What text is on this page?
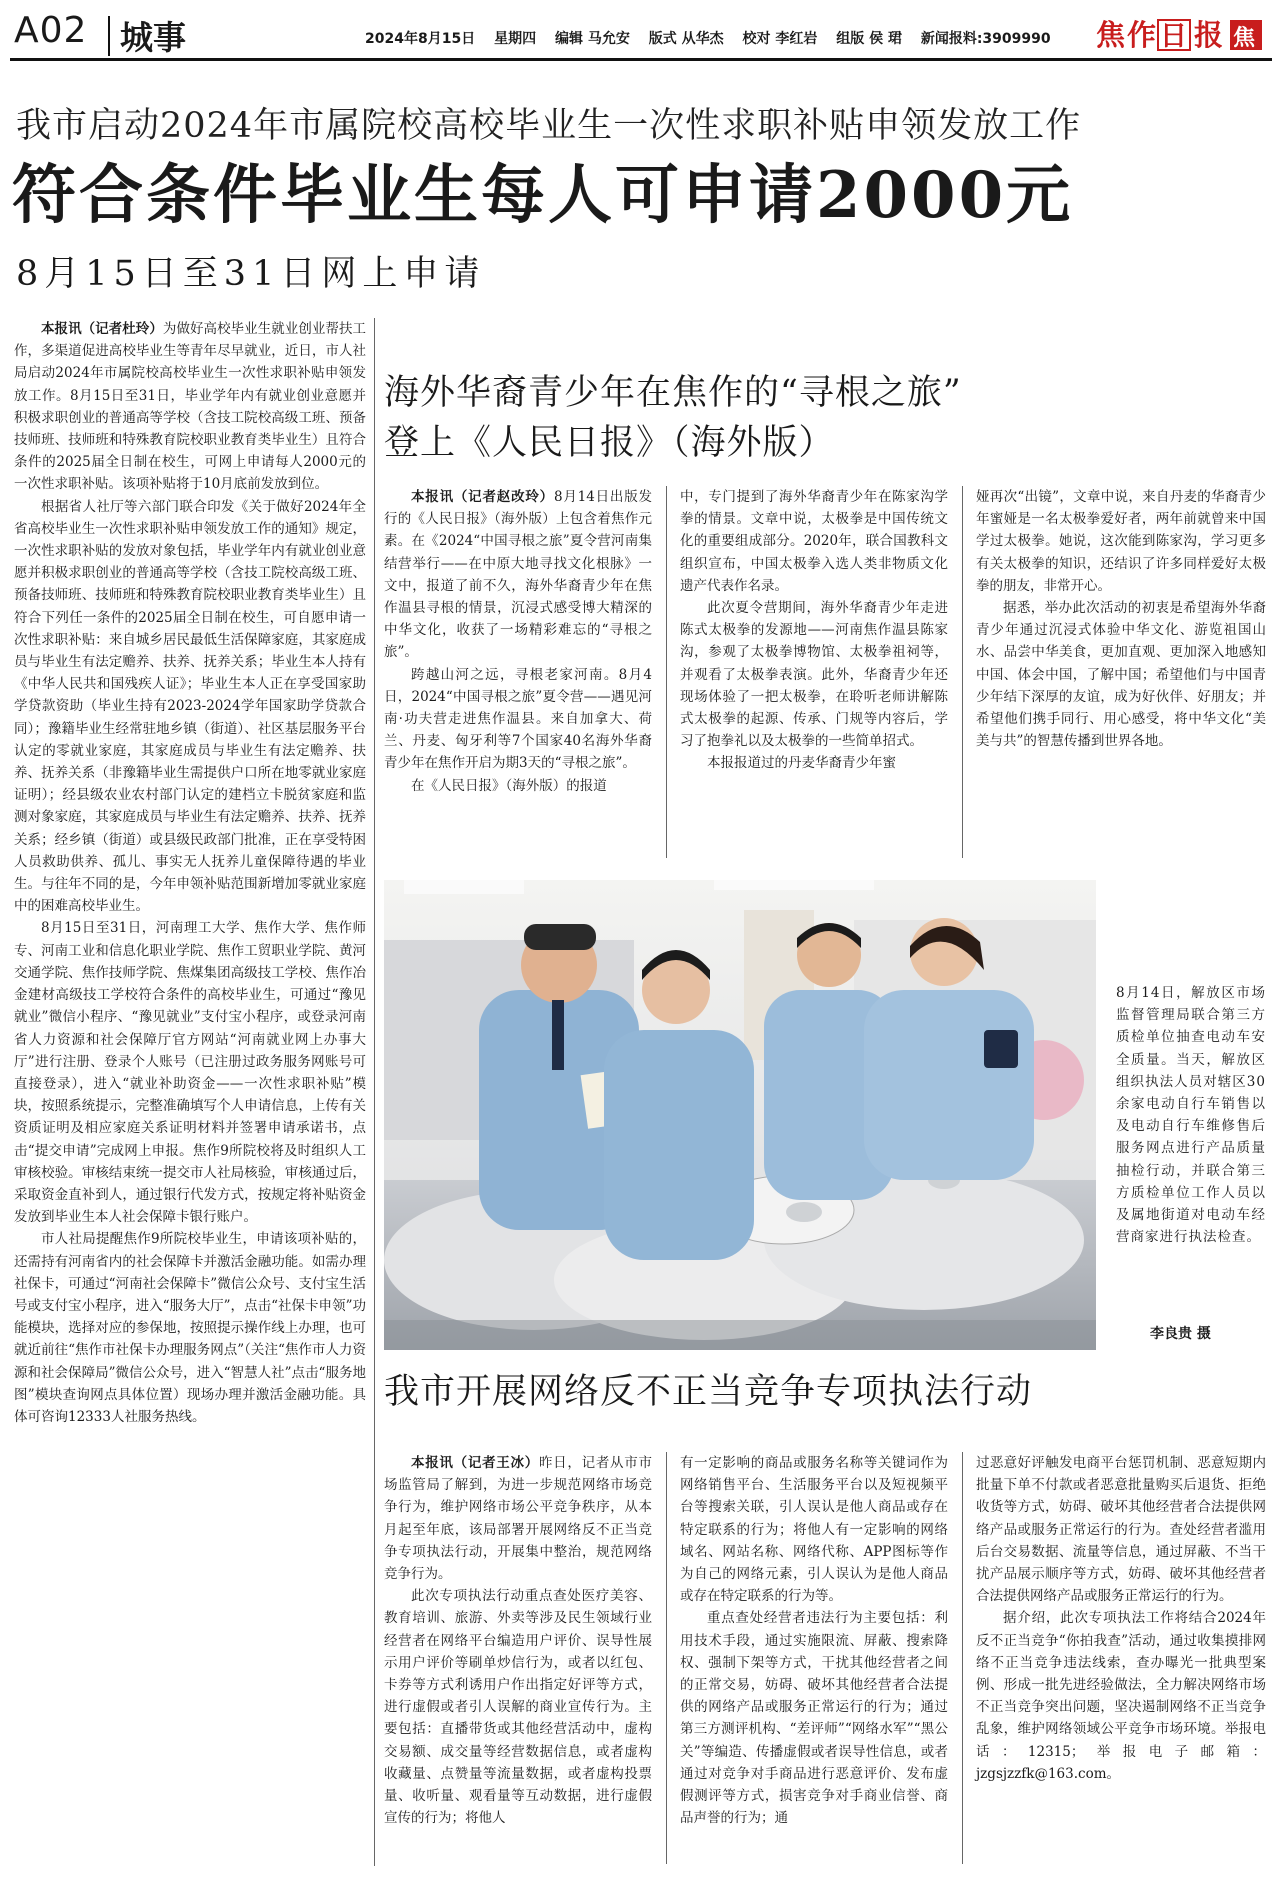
A02 城事	2024年8月15日 星期四 编辑 马允安 版式 从华杰 校对 李红岩 组版 侯 珺 新闻报料:3909990	焦作 日 报 焦
我市启动2024年市属院校高校毕业生一次性求职补贴申领发放工作
符合条件毕业生每人可申请2000元
8月15日至31日网上申请

本报讯（记者杜玲）为做好高校毕业生就业创业帮扶工作，多渠道促进高校毕业生等青年尽早就业，近日，市人社局启动2024年市属院校高校毕业生一次性求职补贴申领发放工作。8月15日至31日，毕业学年内有就业创业意愿并积极求职创业的普通高等学校（含技工院校高级工班、预备技师班、技师班和特殊教育院校职业教育类毕业生）且符合条件的2025届全日制在校生，可网上申请每人2000元的一次性求职补贴。该项补贴将于10月底前发放到位。

根据省人社厅等六部门联合印发《关于做好2024年全省高校毕业生一次性求职补贴申领发放工作的通知》规定，一次性求职补贴的发放对象包括，毕业学年内有就业创业意愿并积极求职创业的普通高等学校（含技工院校高级工班、预备技师班、技师班和特殊教育院校职业教育类毕业生）且符合下列任一条件的2025届全日制在校生，可自愿申请一次性求职补贴：来自城乡居民最低生活保障家庭，其家庭成员与毕业生有法定赡养、扶养、抚养关系；毕业生本人持有《中华人民共和国残疾人证》；毕业生本人正在享受国家助学贷款资助（毕业生持有2023-2024学年国家助学贷款合同）；豫籍毕业生经常驻地乡镇（街道）、社区基层服务平台认定的零就业家庭，其家庭成员与毕业生有法定赡养、扶养、抚养关系（非豫籍毕业生需提供户口所在地零就业家庭证明）；经县级农业农村部门认定的建档立卡脱贫家庭和监测对象家庭，其家庭成员与毕业生有法定赡养、扶养、抚养关系；经乡镇（街道）或县级民政部门批准，正在享受特困人员救助供养、孤儿、事实无人抚养儿童保障待遇的毕业生。与往年不同的是，今年申领补贴范围新增加零就业家庭中的困难高校毕业生。

8月15日至31日，河南理工大学、焦作大学、焦作师专、河南工业和信息化职业学院、焦作工贸职业学院、黄河交通学院、焦作技师学院、焦煤集团高级技工学校、焦作冶金建材高级技工学校符合条件的高校毕业生，可通过“豫见就业”微信小程序、“豫见就业”支付宝小程序，或登录河南省人力资源和社会保障厅官方网站“河南就业网上办事大厅”进行注册、登录个人账号（已注册过政务服务网账号可直接登录），进入“就业补助资金——一次性求职补贴”模块，按照系统提示，完整准确填写个人申请信息，上传有关资质证明及相应家庭关系证明材料并签署申请承诺书，点击“提交申请”完成网上申报。焦作9所院校将及时组织人工审核校验。审核结束统一提交市人社局核验，审核通过后，采取资金直补到人，通过银行代发方式，按规定将补贴资金发放到毕业生本人社会保障卡银行账户。

市人社局提醒焦作9所院校毕业生，申请该项补贴的，还需持有河南省内的社会保障卡并激活金融功能。如需办理社保卡，可通过“河南社会保障卡”微信公众号、支付宝生活号或支付宝小程序，进入“服务大厅”，点击“社保卡申领”功能模块，选择对应的参保地，按照提示操作线上办理，也可就近前往“焦作市社保卡办理服务网点”（关注“焦作市人力资源和社会保障局”微信公众号，进入“智慧人社”点击“服务地图”模块查询网点具体位置）现场办理并激活金融功能。具体可咨询12333人社服务热线。

海外华裔青少年在焦作的“寻根之旅”
登上《人民日报》（海外版）

本报讯（记者赵改玲）8月14日出版发行的《人民日报》（海外版）上包含着焦作元素。在《2024“中国寻根之旅”夏令营河南集结营举行——在中原大地寻找文化根脉》一文中，报道了前不久，海外华裔青少年在焦作温县寻根的情景，沉浸式感受博大精深的中华文化，收获了一场精彩难忘的“寻根之旅”。

跨越山河之远，寻根老家河南。8月4日，2024“中国寻根之旅”夏令营——遇见河南·功夫营走进焦作温县。来自加拿大、荷兰、丹麦、匈牙利等7个国家40名海外华裔青少年在焦作开启为期3天的“寻根之旅”。

在《人民日报》（海外版）的报道

中，专门提到了海外华裔青少年在陈家沟学拳的情景。文章中说，太极拳是中国传统文化的重要组成部分。2020年，联合国教科文组织宣布，中国太极拳入选人类非物质文化遗产代表作名录。

此次夏令营期间，海外华裔青少年走进陈式太极拳的发源地——河南焦作温县陈家沟，参观了太极拳博物馆、太极拳祖祠等，并观看了太极拳表演。此外，华裔青少年还现场体验了一把太极拳，在聆听老师讲解陈式太极拳的起源、传承、门规等内容后，学习了抱拳礼以及太极拳的一些简单招式。

本报报道过的丹麦华裔青少年蜜

娅再次“出镜”，文章中说，来自丹麦的华裔青少年蜜娅是一名太极拳爱好者，两年前就曾来中国学过太极拳。她说，这次能到陈家沟，学习更多有关太极拳的知识，还结识了许多同样爱好太极拳的朋友，非常开心。

据悉，举办此次活动的初衷是希望海外华裔青少年通过沉浸式体验中华文化、游览祖国山水、品尝中华美食，更加直观、更加深入地感知中国、体会中国，了解中国；希望他们与中国青少年结下深厚的友谊，成为好伙伴、好朋友；并希望他们携手同行、用心感受，将中华文化“美美与共”的智慧传播到世界各地。

8月14日，解放区市场监督管理局联合第三方质检单位抽查电动车安全质量。当天，解放区组织执法人员对辖区30余家电动自行车销售以及电动自行车维修售后服务网点进行产品质量抽检行动，并联合第三方质检单位工作人员以及属地街道对电动车经营商家进行执法检查。
李良贵 摄
我市开展网络反不正当竞争专项执法行动

本报讯（记者王冰）昨日，记者从市市场监管局了解到，为进一步规范网络市场竞争行为，维护网络市场公平竞争秩序，从本月起至年底，该局部署开展网络反不正当竞争专项执法行动，开展集中整治，规范网络竞争行为。

此次专项执法行动重点查处医疗美容、教育培训、旅游、外卖等涉及民生领域行业经营者在网络平台编造用户评价、误导性展示用户评价等刷单炒信行为，或者以红包、卡券等方式利诱用户作出指定好评等方式，进行虚假或者引人误解的商业宣传行为。主要包括：直播带货或其他经营活动中，虚构交易额、成交量等经营数据信息，或者虚构收藏量、点赞量等流量数据，或者虚构投票量、收听量、观看量等互动数据，进行虚假宣传的行为；将他人

有一定影响的商品或服务名称等关键词作为网络销售平台、生活服务平台以及短视频平台等搜索关联，引人误认是他人商品或存在特定联系的行为；将他人有一定影响的网络域名、网站名称、网络代称、APP图标等作为自己的网络元素，引人误认为是他人商品或存在特定联系的行为等。

重点查处经营者违法行为主要包括：利用技术手段，通过实施限流、屏蔽、搜索降权、强制下架等方式，干扰其他经营者之间的正常交易，妨碍、破坏其他经营者合法提供的网络产品或服务正常运行的行为；通过第三方测评机构、“差评师”“网络水军”“黑公关”等编造、传播虚假或者误导性信息，或者通过对竞争对手商品进行恶意评价、发布虚假测评等方式，损害竞争对手商业信誉、商品声誉的行为；通

过恶意好评触发电商平台惩罚机制、恶意短期内批量下单不付款或者恶意批量购买后退货、拒绝收货等方式，妨碍、破坏其他经营者合法提供网络产品或服务正常运行的行为。查处经营者滥用后台交易数据、流量等信息，通过屏蔽、不当干扰产品展示顺序等方式，妨碍、破坏其他经营者合法提供网络产品或服务正常运行的行为。

据介绍，此次专项执法工作将结合2024年反不正当竞争“你拍我查”活动，通过收集摸排网络不正当竞争违法线索，查办曝光一批典型案例、形成一批先进经验做法，全力解决网络市场不正当竞争突出问题，坚决遏制网络不正当竞争乱象，维护网络领域公平竞争市场环境。举报电话：12315；举报电子邮箱：jzgsjzzfk@163.com。
